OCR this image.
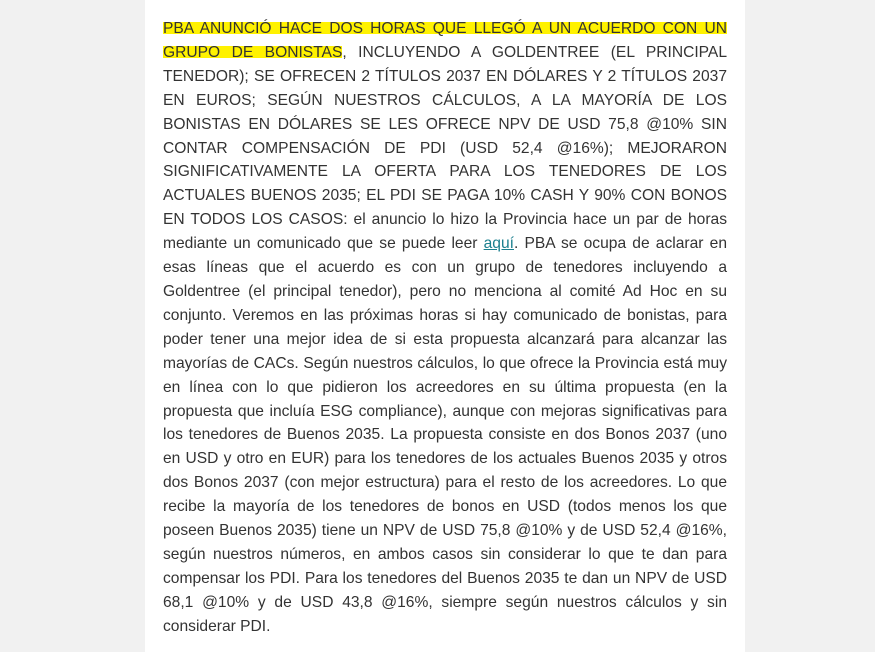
PBA ANUNCIÓ HACE DOS HORAS QUE LLEGÓ A UN ACUERDO CON UN GRUPO DE BONISTAS, INCLUYENDO A GOLDENTREE (EL PRINCIPAL TENEDOR); SE OFRECEN 2 TÍTULOS 2037 EN DÓLARES Y 2 TÍTULOS 2037 EN EUROS; SEGÚN NUESTROS CÁLCULOS, A LA MAYORÍA DE LOS BONISTAS EN DÓLARES SE LES OFRECE NPV DE USD 75,8 @10% SIN CONTAR COMPENSACIÓN DE PDI (USD 52,4 @16%); MEJORARON SIGNIFICATIVAMENTE LA OFERTA PARA LOS TENEDORES DE LOS ACTUALES BUENOS 2035; EL PDI SE PAGA 10% CASH Y 90% CON BONOS EN TODOS LOS CASOS: el anuncio lo hizo la Provincia hace un par de horas mediante un comunicado que se puede leer aquí. PBA se ocupa de aclarar en esas líneas que el acuerdo es con un grupo de tenedores incluyendo a Goldentree (el principal tenedor), pero no menciona al comité Ad Hoc en su conjunto. Veremos en las próximas horas si hay comunicado de bonistas, para poder tener una mejor idea de si esta propuesta alcanzará para alcanzar las mayorías de CACs. Según nuestros cálculos, lo que ofrece la Provincia está muy en línea con lo que pidieron los acreedores en su última propuesta (en la propuesta que incluía ESG compliance), aunque con mejoras significativas para los tenedores de Buenos 2035. La propuesta consiste en dos Bonos 2037 (uno en USD y otro en EUR) para los tenedores de los actuales Buenos 2035 y otros dos Bonos 2037 (con mejor estructura) para el resto de los acreedores. Lo que recibe la mayoría de los tenedores de bonos en USD (todos menos los que poseen Buenos 2035) tiene un NPV de USD 75,8 @10% y de USD 52,4 @16%, según nuestros números, en ambos casos sin considerar lo que te dan para compensar los PDI. Para los tenedores del Buenos 2035 te dan un NPV de USD 68,1 @10% y de USD 43,8 @16%, siempre según nuestros cálculos y sin considerar PDI.
